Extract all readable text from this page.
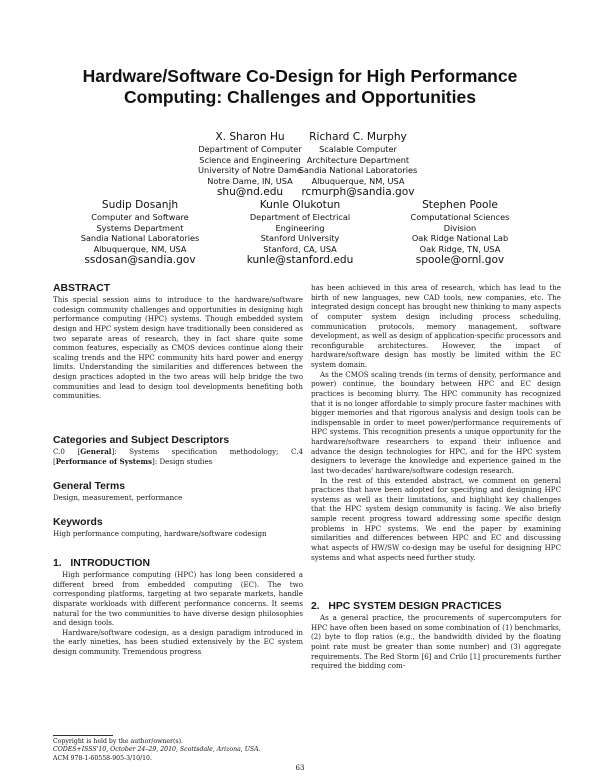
Hardware/Software Co-Design for High Performance
Computing: Challenges and Opportunities
X. Sharon Hu
Department of Computer
Science and Engineering
University of Notre Dame
Notre Dame, IN, USA
shu@nd.edu
Richard C. Murphy
Scalable Computer
Architecture Department
Sandia National Laboratories
Albuquerque, NM, USA
rcmurph@sandia.gov
Sudip Dosanjh
Computer and Software
Systems Department
Sandia National Laboratories
Albuquerque, NM, USA
ssdosan@sandia.gov
Kunle Olukotun
Department of Electrical
Engineering
Stanford University
Stanford, CA, USA
kunle@stanford.edu
Stephen Poole
Computational Sciences
Division
Oak Ridge National Lab
Oak Ridge, TN, USA
spoole@ornl.gov
ABSTRACT

This special session aims to introduce to the hardware/software codesign community challenges and opportunities in designing high performance computing (HPC) systems. Though embedded system design and HPC system design have traditionally been considered as two separate areas of research, they in fact share quite some common features, especially as CMOS devices continue along their scaling trends and the HPC community hits hard power and energy limits. Understanding the similarities and differences between the design practices adopted in the two areas will help bridge the two communities and lead to design tool developments benefiting both communities.

Categories and Subject Descriptors

C.0 [General]: Systems specification methodology; C.4 [Performance of Systems]: Design studies

General Terms

Design, measurement, performance

Keywords

High performance computing, hardware/software codesign

1.   INTRODUCTION

High performance computing (HPC) has long been considered a different breed from embedded computing (EC). The two corresponding platforms, targeting at two separate markets, handle disparate workloads with different performance concerns. It seems natural for the two communities to have diverse design philosophies and design tools.

Hardware/software codesign, as a design paradigm introduced in the early nineties, has been studied extensively by the EC system design community. Tremendous progress

Copyright is held by the author/owner(s).
CODES+ISSS'10, October 24–29, 2010, Scottsdale, Arizona, USA.
ACM 978-1-60558-905-3/10/10.

has been achieved in this area of research, which has lead to the birth of new languages, new CAD tools, new companies, etc. The integrated design concept has brought new thinking to many aspects of computer system design including process scheduling, communication protocols, memory management, software development, as well as design of application-specific processors and reconfigurable architectures. However, the impact of hardware/software design has mostly be limited within the EC system domain.

As the CMOS scaling trends (in terms of density, performance and power) continue, the boundary between HPC and EC design practices is becoming blurry. The HPC community has recognized that it is no longer affordable to simply procure faster machines with bigger memories and that rigorous analysis and design tools can be indispensable in order to meet power/performance requirements of HPC systems. This recognition presents a unique opportunity for the hardware/software researchers to expand their influence and advance the design technologies for HPC, and for the HPC system designers to leverage the knowledge and experience gained in the last two-decades' hardware/software codesign research.

In the rest of this extended abstract, we comment on general practices that have been adopted for specifying and designing HPC systems as well as their limitations, and highlight key challenges that the HPC system design community is facing. We also briefly sample recent progress toward addressing some specific design problems in HPC systems. We end the paper by examining similarities and differences between HPC and EC and discussing what aspects of HW/SW co-design may be useful for designing HPC systems and what aspects need further study.

2.   HPC SYSTEM DESIGN PRACTICES

As a general practice, the procurements of supercomputers for HPC have often been based on some combination of (1) benchmarks, (2) byte to flop ratios (e.g., the bandwidth divided by the floating point rate must be greater than some number) and (3) aggregate requirements. The Red Storm [6] and Crilo [1] procurements further required the bidding com-

63
